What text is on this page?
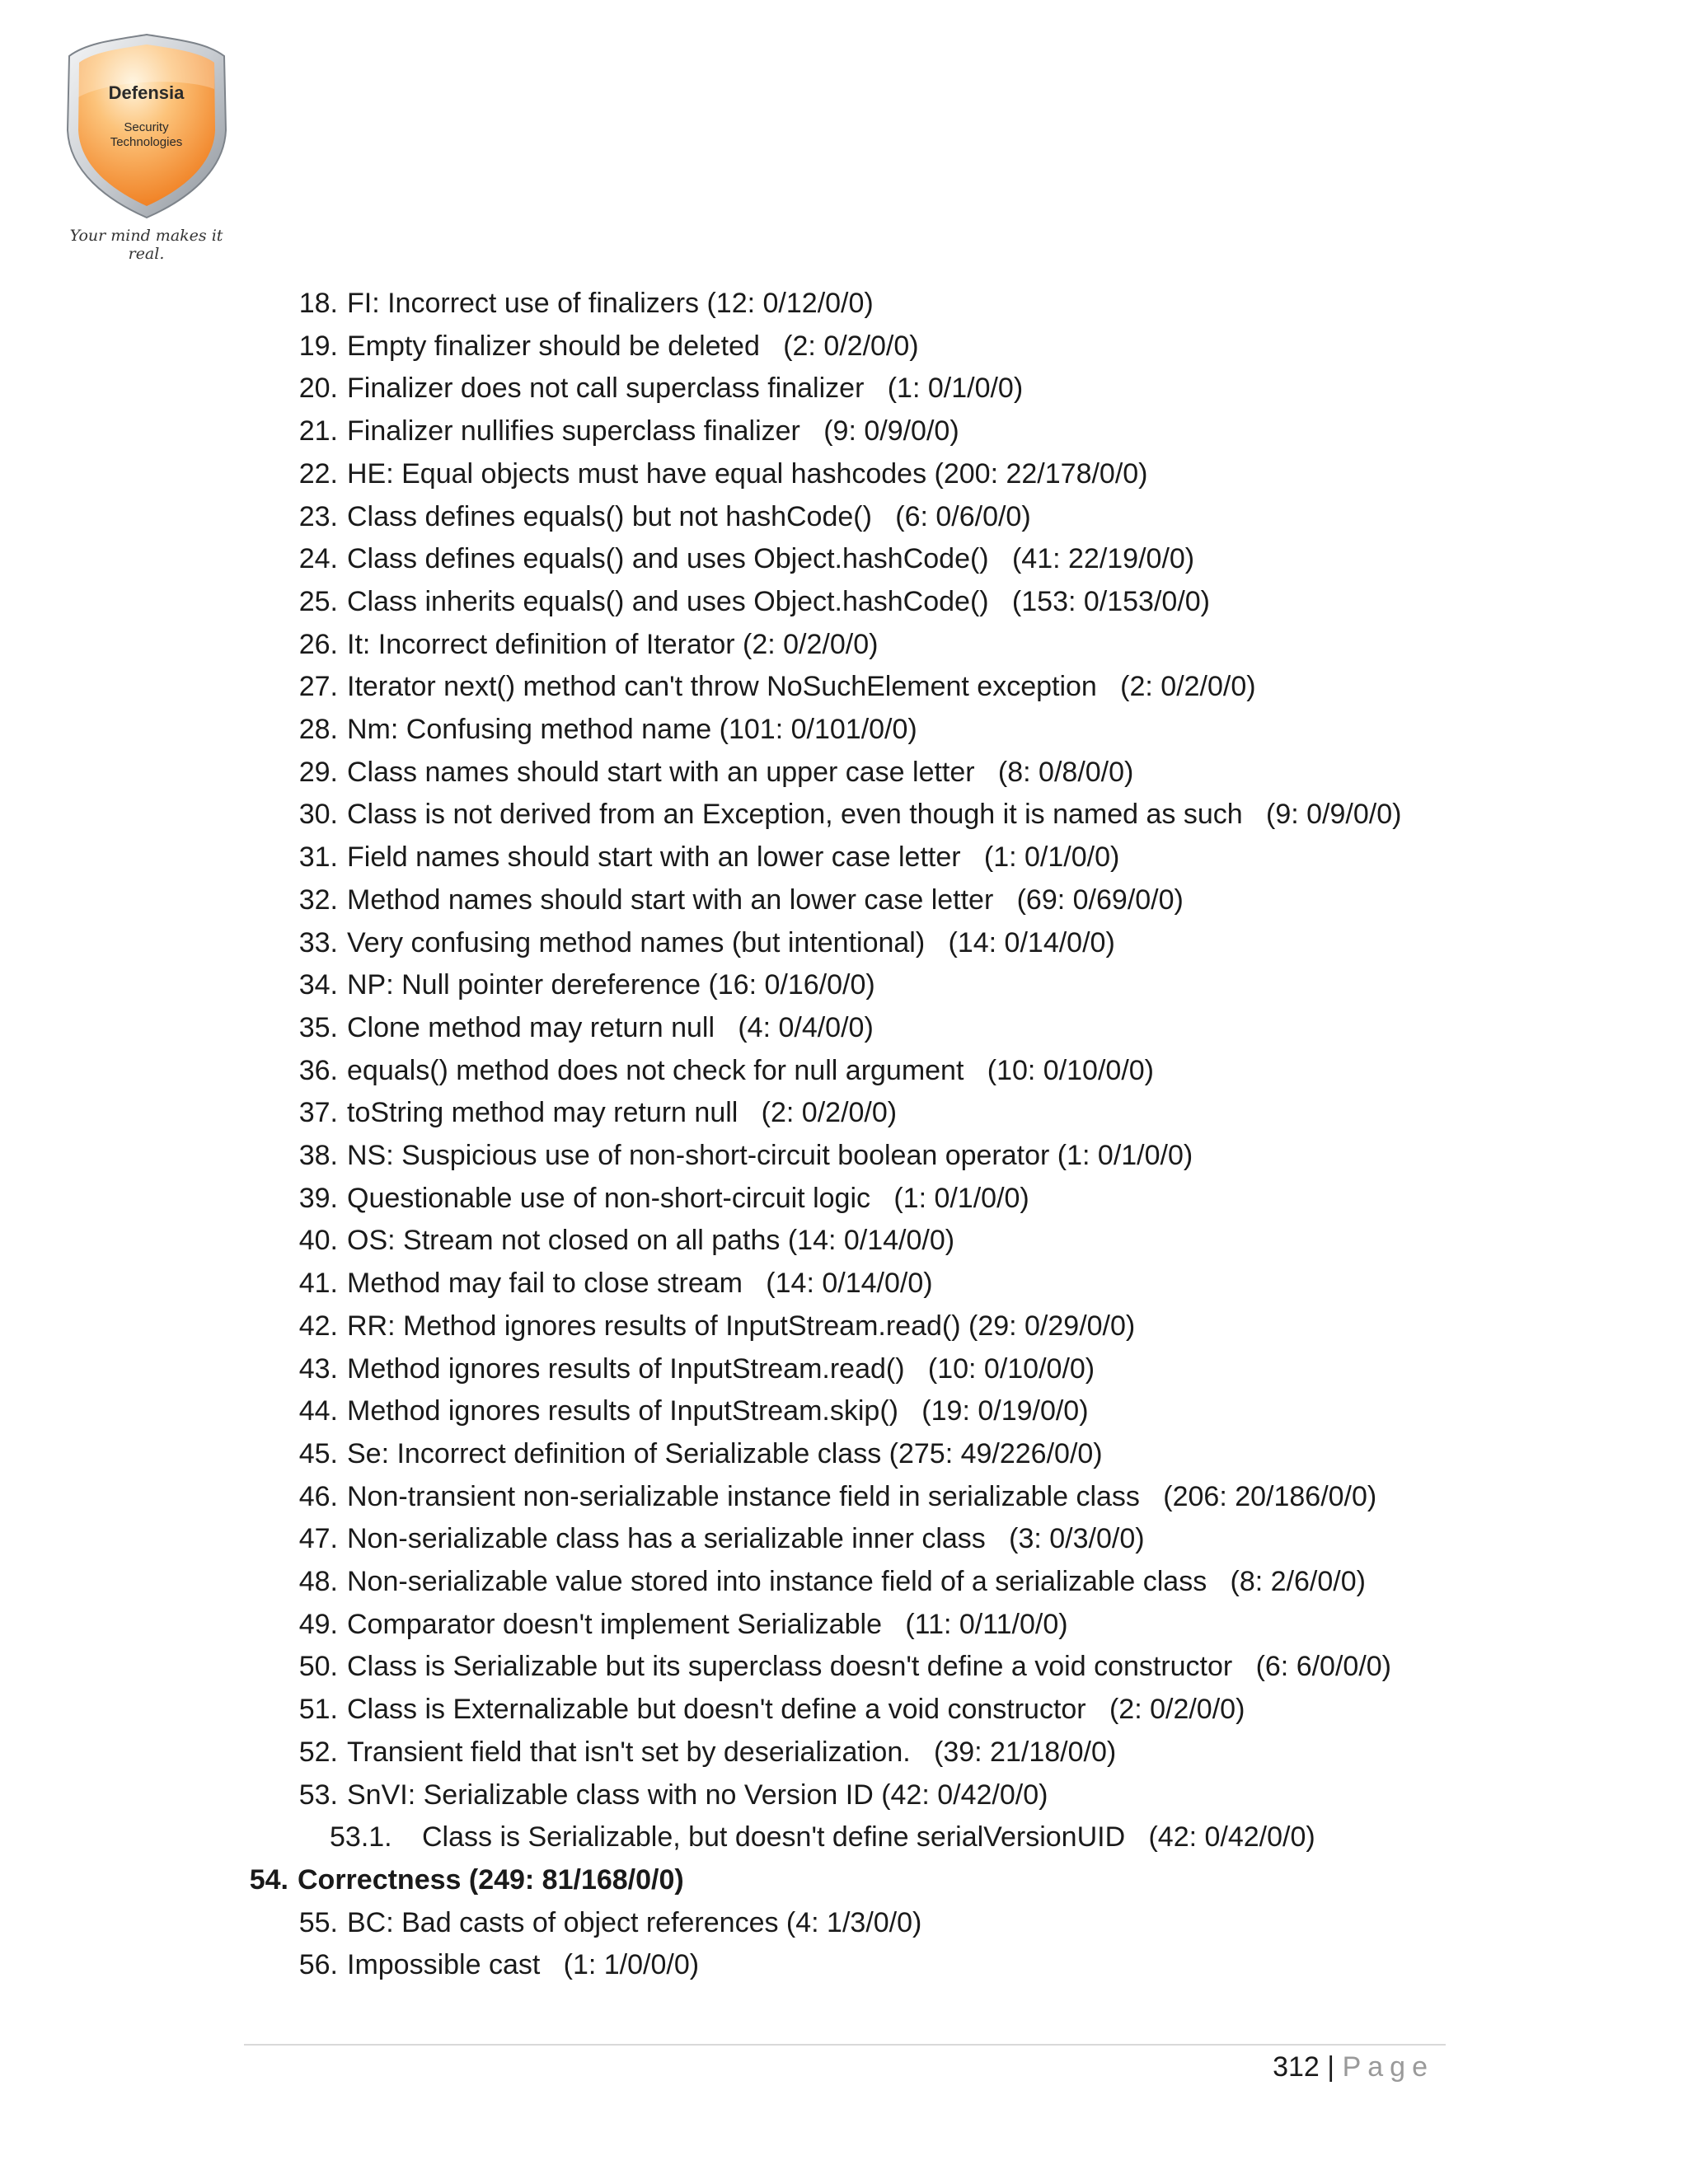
Defensia
Security
Technologies
Your mind makes it real.
18. FI: Incorrect use of finalizers (12: 0/12/0/0)
19. Empty finalizer should be deleted   (2: 0/2/0/0)
20. Finalizer does not call superclass finalizer   (1: 0/1/0/0)
21. Finalizer nullifies superclass finalizer   (9: 0/9/0/0)
22. HE: Equal objects must have equal hashcodes (200: 22/178/0/0)
23. Class defines equals() but not hashCode()   (6: 0/6/0/0)
24. Class defines equals() and uses Object.hashCode()   (41: 22/19/0/0)
25. Class inherits equals() and uses Object.hashCode()   (153: 0/153/0/0)
26. It: Incorrect definition of Iterator (2: 0/2/0/0)
27. Iterator next() method can't throw NoSuchElement exception   (2: 0/2/0/0)
28. Nm: Confusing method name (101: 0/101/0/0)
29. Class names should start with an upper case letter   (8: 0/8/0/0)
30. Class is not derived from an Exception, even though it is named as such   (9: 0/9/0/0)
31. Field names should start with an lower case letter   (1: 0/1/0/0)
32. Method names should start with an lower case letter   (69: 0/69/0/0)
33. Very confusing method names (but intentional)   (14: 0/14/0/0)
34. NP: Null pointer dereference (16: 0/16/0/0)
35. Clone method may return null   (4: 0/4/0/0)
36. equals() method does not check for null argument   (10: 0/10/0/0)
37. toString method may return null   (2: 0/2/0/0)
38. NS: Suspicious use of non-short-circuit boolean operator (1: 0/1/0/0)
39. Questionable use of non-short-circuit logic   (1: 0/1/0/0)
40. OS: Stream not closed on all paths (14: 0/14/0/0)
41. Method may fail to close stream   (14: 0/14/0/0)
42. RR: Method ignores results of InputStream.read() (29: 0/29/0/0)
43. Method ignores results of InputStream.read()   (10: 0/10/0/0)
44. Method ignores results of InputStream.skip()   (19: 0/19/0/0)
45. Se: Incorrect definition of Serializable class (275: 49/226/0/0)
46. Non-transient non-serializable instance field in serializable class   (206: 20/186/0/0)
47. Non-serializable class has a serializable inner class   (3: 0/3/0/0)
48. Non-serializable value stored into instance field of a serializable class   (8: 2/6/0/0)
49. Comparator doesn't implement Serializable   (11: 0/11/0/0)
50. Class is Serializable but its superclass doesn't define a void constructor   (6: 6/0/0/0)
51. Class is Externalizable but doesn't define a void constructor   (2: 0/2/0/0)
52. Transient field that isn't set by deserialization.   (39: 21/18/0/0)
53. SnVI: Serializable class with no Version ID (42: 0/42/0/0)
53.1.	Class is Serializable, but doesn't define serialVersionUID   (42: 0/42/0/0)
54. Correctness (249: 81/168/0/0)
55. BC: Bad casts of object references (4: 1/3/0/0)
56. Impossible cast   (1: 1/0/0/0)
312 | Page
